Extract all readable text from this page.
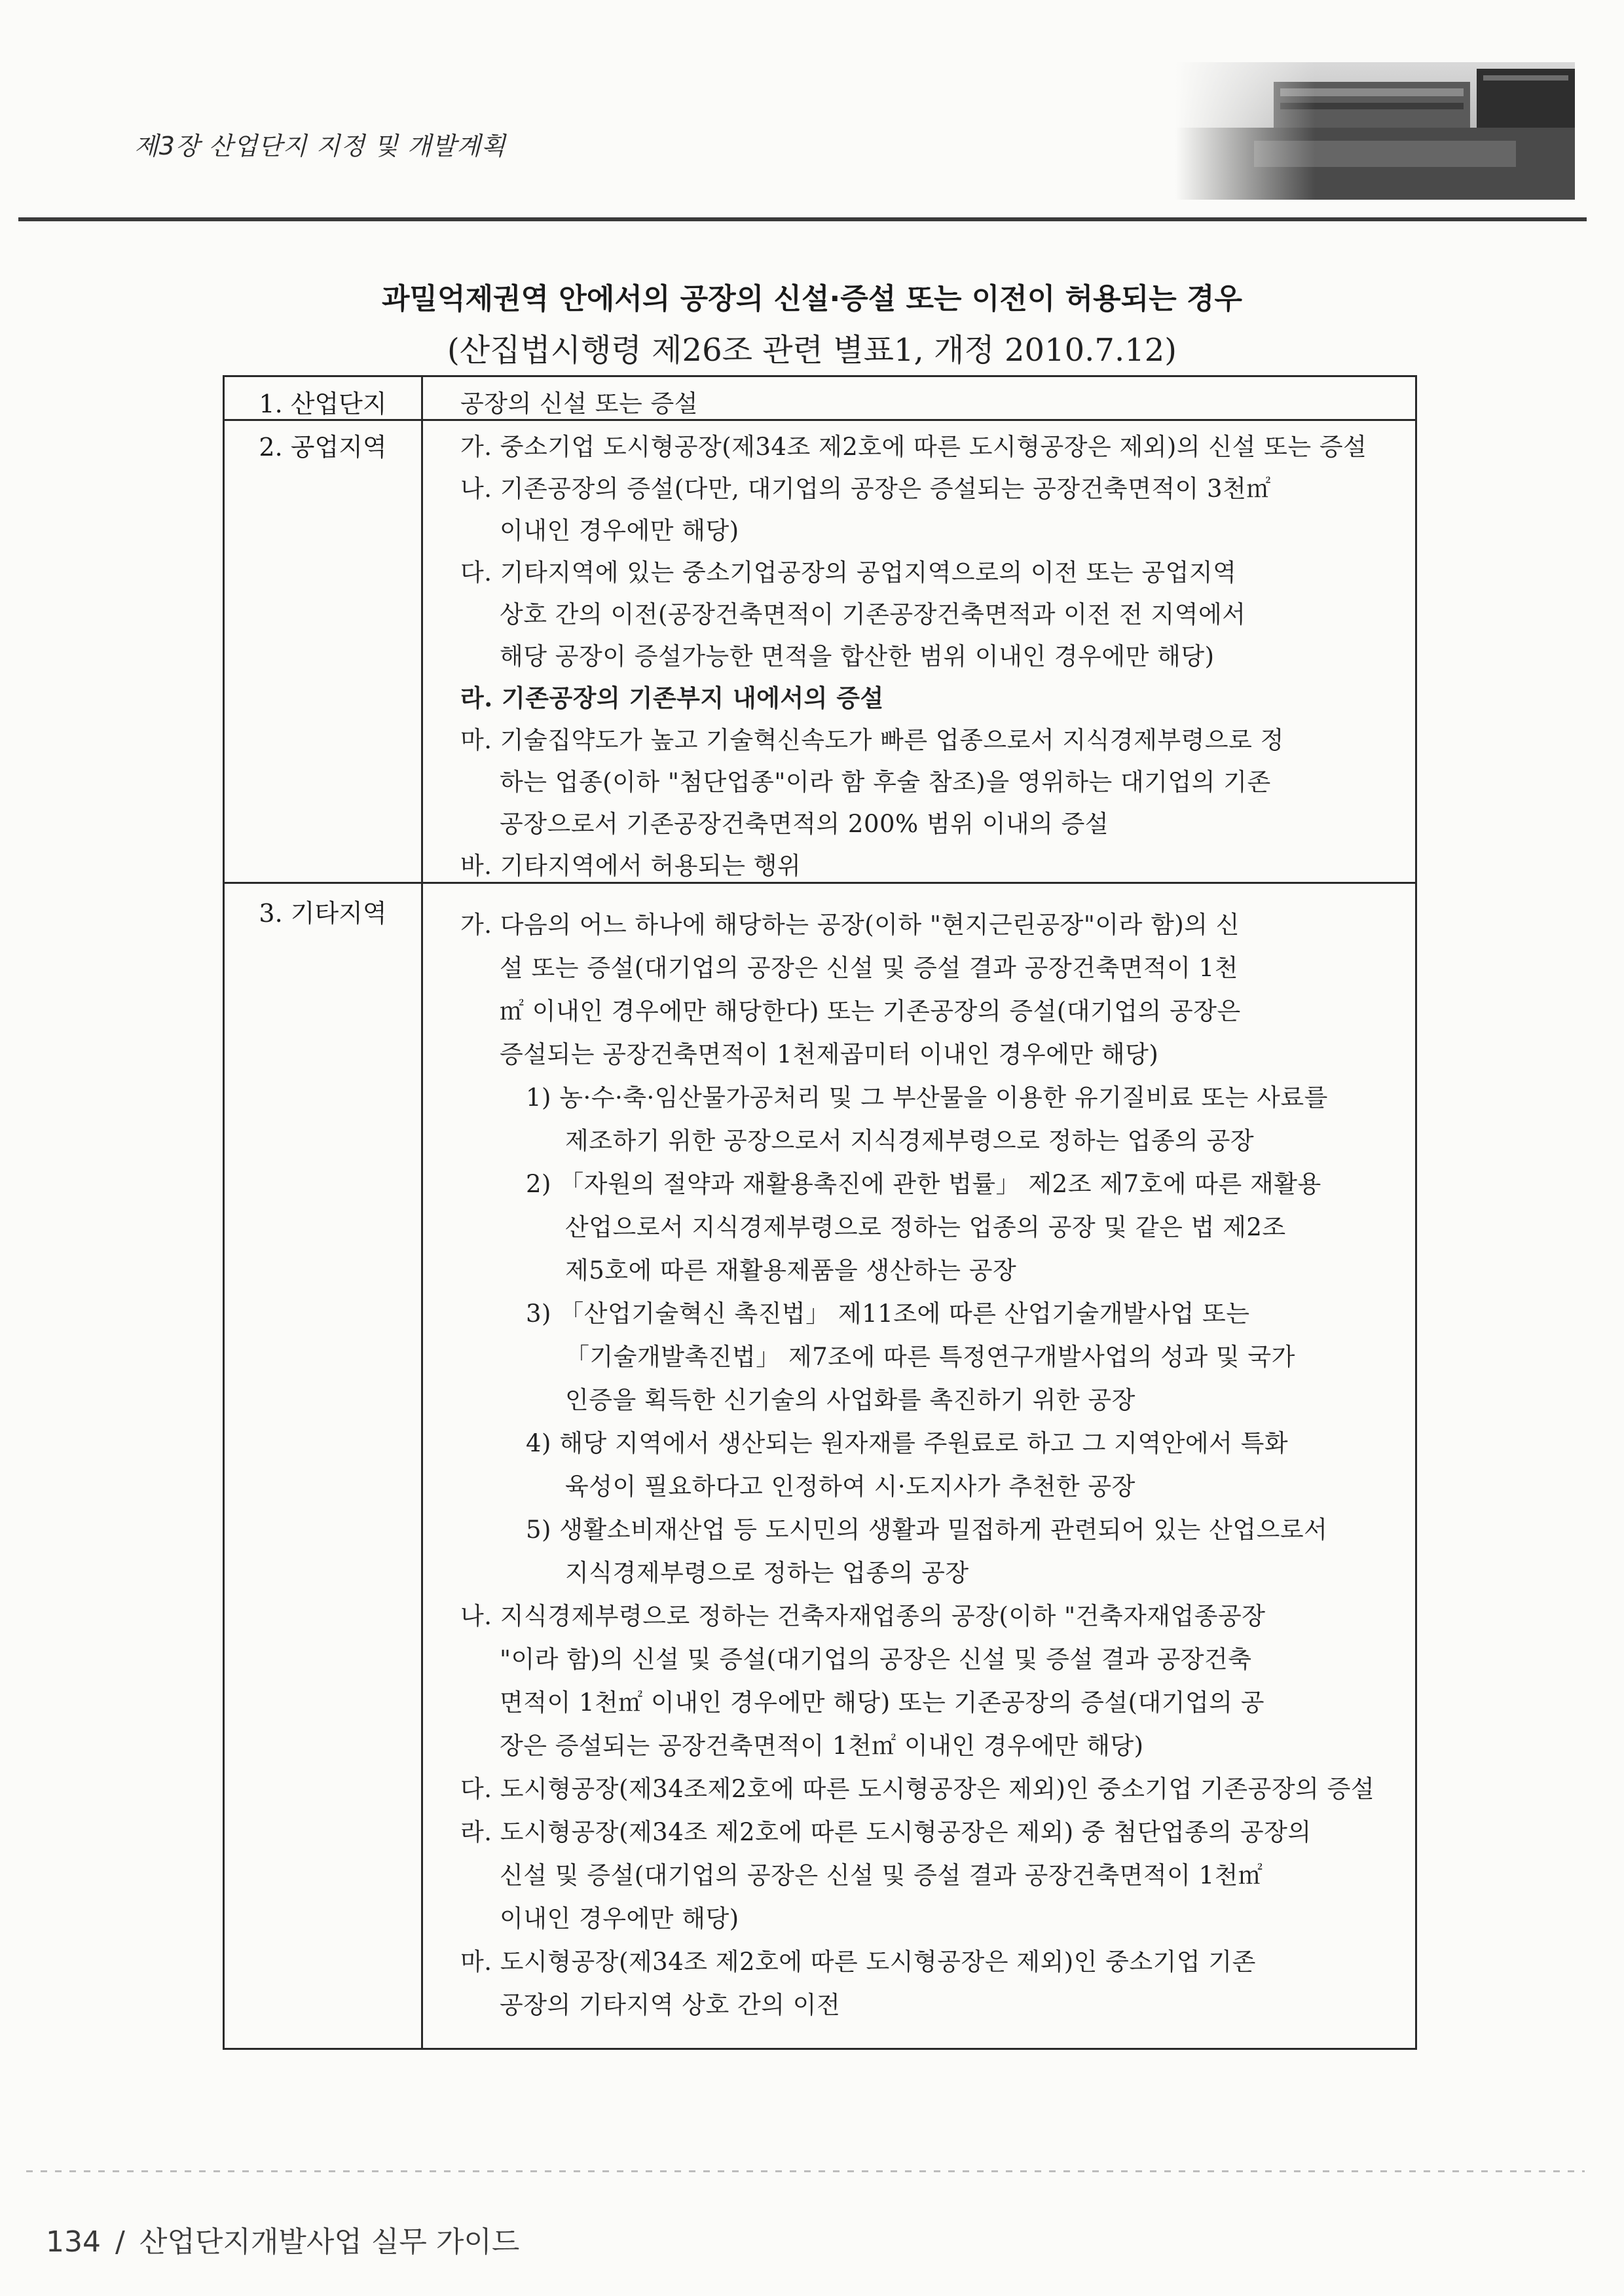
제3장 산업단지 지정 및 개발계획
과밀억제권역 안에서의 공장의 신설·증설 또는 이전이 허용되는 경우
(산집법시행령 제26조 관련 별표1, 개정 2010.7.12)
1. 산업단지	공장의 신설 또는 증설
2. 공업지역	가. 중소기업 도시형공장(제34조 제2호에 따른 도시형공장은 제외)의 신설 또는 증설
나. 기존공장의 증설(다만, 대기업의 공장은 증설되는 공장건축면적이 3천㎡
이내인 경우에만 해당)
다. 기타지역에 있는 중소기업공장의 공업지역으로의 이전 또는 공업지역
상호 간의 이전(공장건축면적이 기존공장건축면적과 이전 전 지역에서
해당 공장이 증설가능한 면적을 합산한 범위 이내인 경우에만 해당)
라. 기존공장의 기존부지 내에서의 증설
마. 기술집약도가 높고 기술혁신속도가 빠른 업종으로서 지식경제부령으로 정
하는 업종(이하 "첨단업종"이라 함 후술 참조)을 영위하는 대기업의 기존
공장으로서 기존공장건축면적의 200% 범위 이내의 증설
바. 기타지역에서 허용되는 행위
3. 기타지역	가. 다음의 어느 하나에 해당하는 공장(이하 "현지근린공장"이라 함)의 신
설 또는 증설(대기업의 공장은 신설 및 증설 결과 공장건축면적이 1천
㎡ 이내인 경우에만 해당한다) 또는 기존공장의 증설(대기업의 공장은
증설되는 공장건축면적이 1천제곱미터 이내인 경우에만 해당)
1) 농·수·축·임산물가공처리 및 그 부산물을 이용한 유기질비료 또는 사료를
제조하기 위한 공장으로서 지식경제부령으로 정하는 업종의 공장
2) 「자원의 절약과 재활용촉진에 관한 법률」 제2조 제7호에 따른 재활용
산업으로서 지식경제부령으로 정하는 업종의 공장 및 같은 법 제2조
제5호에 따른 재활용제품을 생산하는 공장
3) 「산업기술혁신 촉진법」 제11조에 따른 산업기술개발사업 또는
「기술개발촉진법」 제7조에 따른 특정연구개발사업의 성과 및 국가
인증을 획득한 신기술의 사업화를 촉진하기 위한 공장
4) 해당 지역에서 생산되는 원자재를 주원료로 하고 그 지역안에서 특화
육성이 필요하다고 인정하여 시·도지사가 추천한 공장
5) 생활소비재산업 등 도시민의 생활과 밀접하게 관련되어 있는 산업으로서
지식경제부령으로 정하는 업종의 공장
나. 지식경제부령으로 정하는 건축자재업종의 공장(이하 "건축자재업종공장
"이라 함)의 신설 및 증설(대기업의 공장은 신설 및 증설 결과 공장건축
면적이 1천㎡ 이내인 경우에만 해당) 또는 기존공장의 증설(대기업의 공
장은 증설되는 공장건축면적이 1천㎡ 이내인 경우에만 해당)
다. 도시형공장(제34조제2호에 따른 도시형공장은 제외)인 중소기업 기존공장의 증설
라. 도시형공장(제34조 제2호에 따른 도시형공장은 제외) 중 첨단업종의 공장의
신설 및 증설(대기업의 공장은 신설 및 증설 결과 공장건축면적이 1천㎡
이내인 경우에만 해당)
마. 도시형공장(제34조 제2호에 따른 도시형공장은 제외)인 중소기업 기존
공장의 기타지역 상호 간의 이전
134 / 산업단지개발사업 실무 가이드
